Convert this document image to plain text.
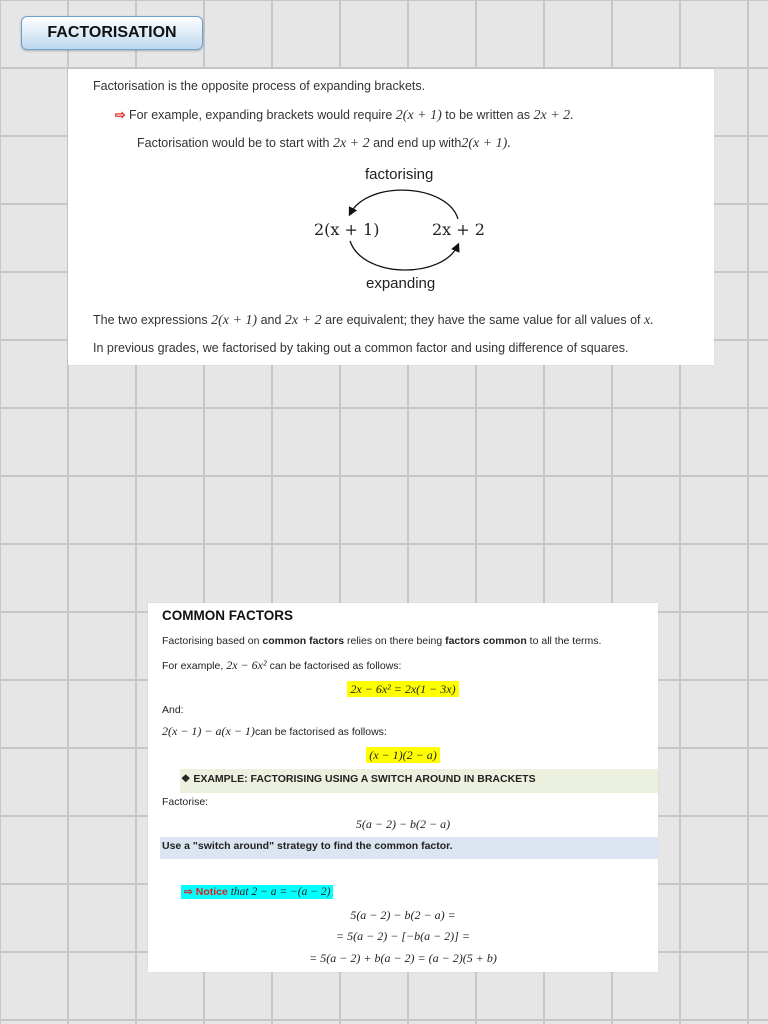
FACTORISATION
Factorisation is the opposite process of expanding brackets.
⇨ For example, expanding brackets would require 2(x + 1) to be written as 2x + 2.
Factorisation would be to start with 2x + 2 and end up with2(x + 1).
factorising
2(x + 1)	2x + 2
expanding
The two expressions 2(x + 1) and 2x + 2 are equivalent; they have the same value for all values of x.
In previous grades, we factorised by taking out a common factor and using difference of squares.
COMMON FACTORS
Factorising based on common factors relies on there being factors common to all the terms.
For example, 2x − 6x² can be factorised as follows:
2x − 6x² = 2x(1 − 3x)
And:
2(x − 1) − a(x − 1)can be factorised as follows:
(x − 1)(2 − a)
❖ EXAMPLE: FACTORISING USING A SWITCH AROUND IN BRACKETS
Factorise:
5(a − 2) − b(2 − a)
Use a "switch around" strategy to find the common factor.
⇨ Notice that 2 − a = −(a − 2)
5(a − 2) − b(2 − a) =
= 5(a − 2) − [−b(a − 2)] =
= 5(a − 2) + b(a − 2) = (a − 2)(5 + b)
